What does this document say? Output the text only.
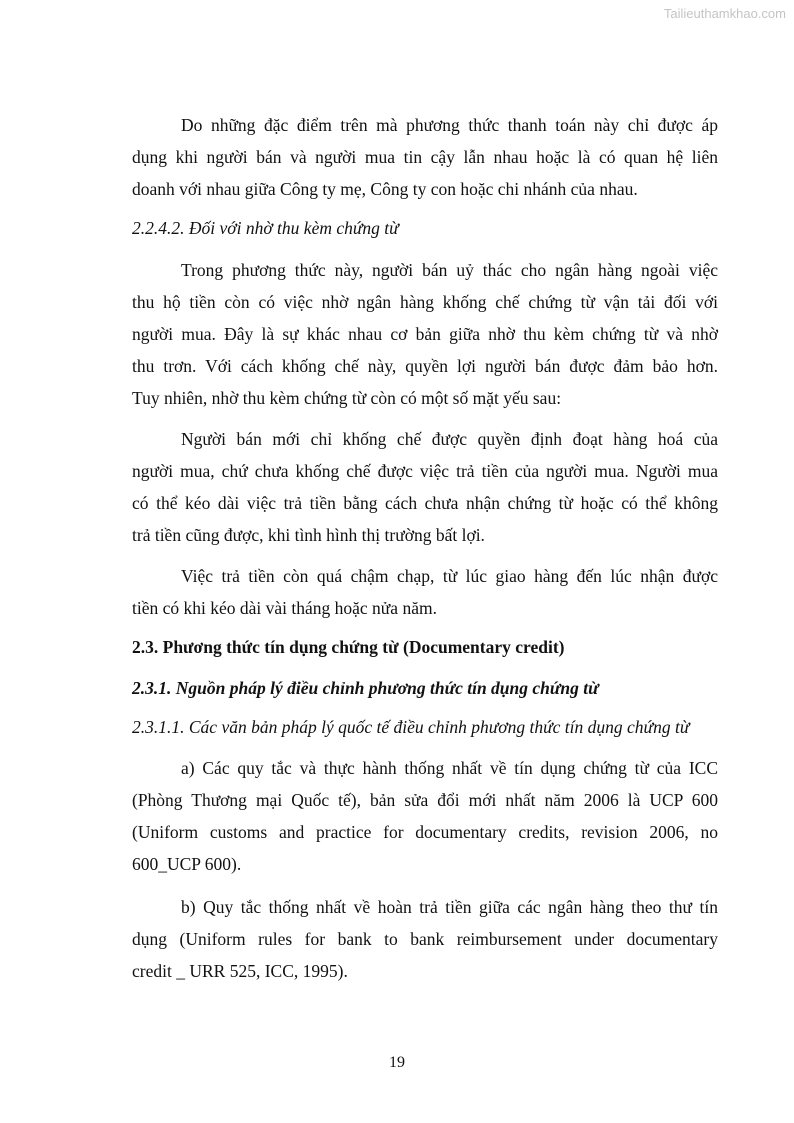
Tailieuthamkhao.com
Do những đặc điểm trên mà phương thức thanh toán này chỉ được áp
dụng khi người bán và người mua tin cậy lẫn nhau hoặc là có quan hệ liên
doanh với nhau giữa Công ty mẹ, Công ty con hoặc chi nhánh của nhau.
2.2.4.2. Đối với nhờ thu kèm chứng từ
Trong phương thức này, người bán uỷ thác cho ngân hàng ngoài việc
thu hộ tiền còn có việc nhờ ngân hàng khống chế chứng từ vận tải đối với
người mua. Đây là sự khác nhau cơ bản giữa nhờ thu kèm chứng từ và nhờ
thu trơn. Với cách khống chế này, quyền lợi người bán được đảm bảo hơn.
Tuy nhiên, nhờ thu kèm chứng từ còn có một số mặt yếu sau:
Người bán mới chỉ khống chế được quyền định đoạt hàng hoá của
người mua, chứ chưa khống chế được việc trả tiền của người mua. Người mua
có thể kéo dài việc trả tiền bằng cách chưa nhận chứng từ hoặc có thể không
trả tiền cũng được, khi tình hình thị trường bất lợi.
Việc trả tiền còn quá chậm chạp, từ lúc giao hàng đến lúc nhận được
tiền có khi kéo dài vài tháng hoặc nửa năm.
2.3. Phương thức tín dụng chứng từ (Documentary credit)
2.3.1. Nguồn pháp lý điều chỉnh phương thức tín dụng chứng từ
2.3.1.1. Các văn bản pháp lý quốc tế điều chỉnh phương thức tín dụng chứng từ
a) Các quy tắc và thực hành thống nhất về tín dụng chứng từ của ICC
(Phòng Thương mại Quốc tế), bản sửa đổi mới nhất năm 2006 là UCP 600
(Uniform customs and practice for documentary credits, revision 2006, no
600_UCP 600).
b) Quy tắc thống nhất về hoàn trả tiền giữa các ngân hàng theo thư tín
dụng (Uniform rules for bank to bank reimbursement under documentary
credit _ URR 525, ICC, 1995).
19
